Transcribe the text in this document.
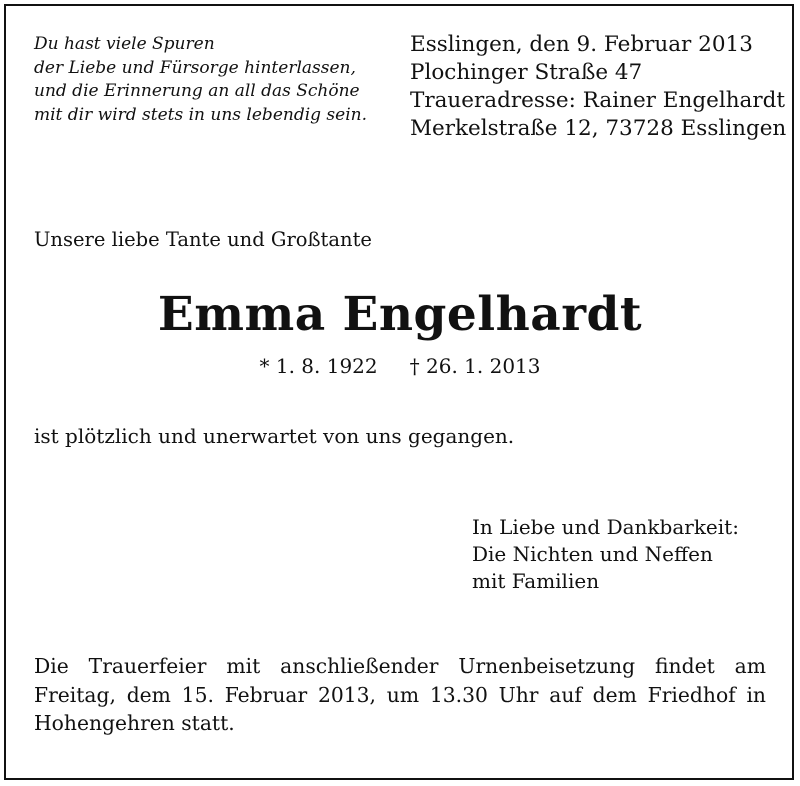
Du hast viele Spuren
der Liebe und Fürsorge hinterlassen,
und die Erinnerung an all das Schöne
mit dir wird stets in uns lebendig sein.
Esslingen, den 9. Februar 2013
Plochinger Straße 47
Traueradresse: Rainer Engelhardt
Merkelstraße 12, 73728 Esslingen
Unsere liebe Tante und Großtante
Emma Engelhardt
* 1. 8. 1922 † 26. 1. 2013
ist plötzlich und unerwartet von uns gegangen.
In Liebe und Dankbarkeit:
Die Nichten und Neffen
mit Familien
Die Trauerfeier mit anschließender Urnenbeisetzung findet am Freitag, dem 15. Februar 2013, um 13.30 Uhr auf dem Friedhof in Hohengehren statt.
